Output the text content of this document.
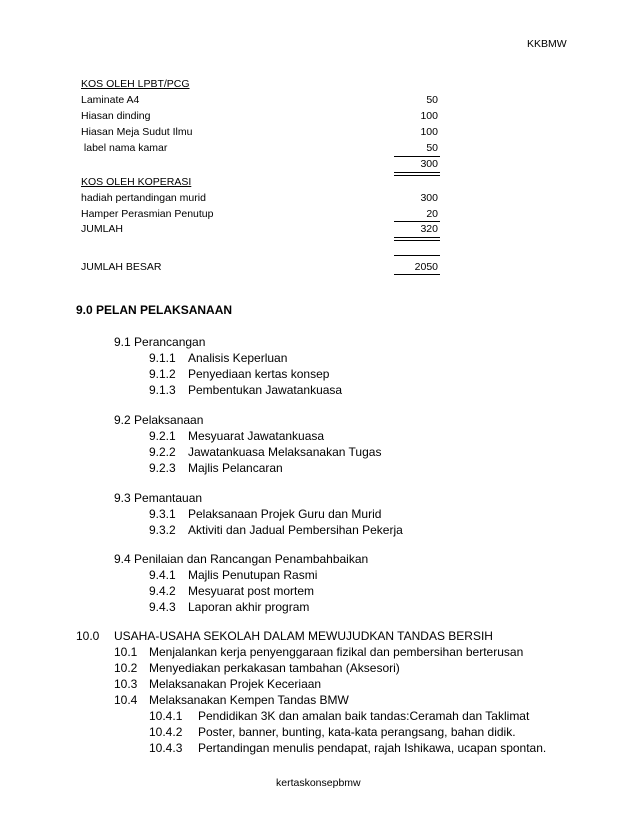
KKBMW
KOS OLEH LPBT/PCG
Laminate A4	50
Hiasan dinding	100
Hiasan Meja Sudut Ilmu	100
label nama kamar	50
300
KOS OLEH KOPERASI
hadiah pertandingan murid	300
Hamper Perasmian Penutup	20
JUMLAH	320
JUMLAH BESAR	2050
9.0 PELAN PELAKSANAAN
9.1 Perancangan
9.1.1 Analisis Keperluan
9.1.2 Penyediaan kertas konsep
9.1.3 Pembentukan Jawatankuasa
9.2 Pelaksanaan
9.2.1 Mesyuarat Jawatankuasa
9.2.2 Jawatankuasa Melaksanakan Tugas
9.2.3 Majlis Pelancaran
9.3 Pemantauan
9.3.1 Pelaksanaan Projek Guru dan Murid
9.3.2 Aktiviti dan Jadual Pembersihan Pekerja
9.4 Penilaian dan Rancangan Penambahbaikan
9.4.1 Majlis Penutupan Rasmi
9.4.2 Mesyuarat post mortem
9.4.3 Laporan akhir program
10.0 USAHA-USAHA SEKOLAH DALAM MEWUJUDKAN TANDAS BERSIH
10.1 Menjalankan kerja penyenggaraan fizikal dan pembersihan berterusan
10.2 Menyediakan perkakasan tambahan (Aksesori)
10.3 Melaksanakan Projek Keceriaan
10.4 Melaksanakan Kempen Tandas BMW
10.4.1 Pendidikan 3K dan amalan baik tandas:Ceramah dan Taklimat
10.4.2 Poster, banner, bunting, kata-kata perangsang, bahan didik.
10.4.3 Pertandingan menulis pendapat, rajah Ishikawa, ucapan spontan.
kertaskonsepbmw
